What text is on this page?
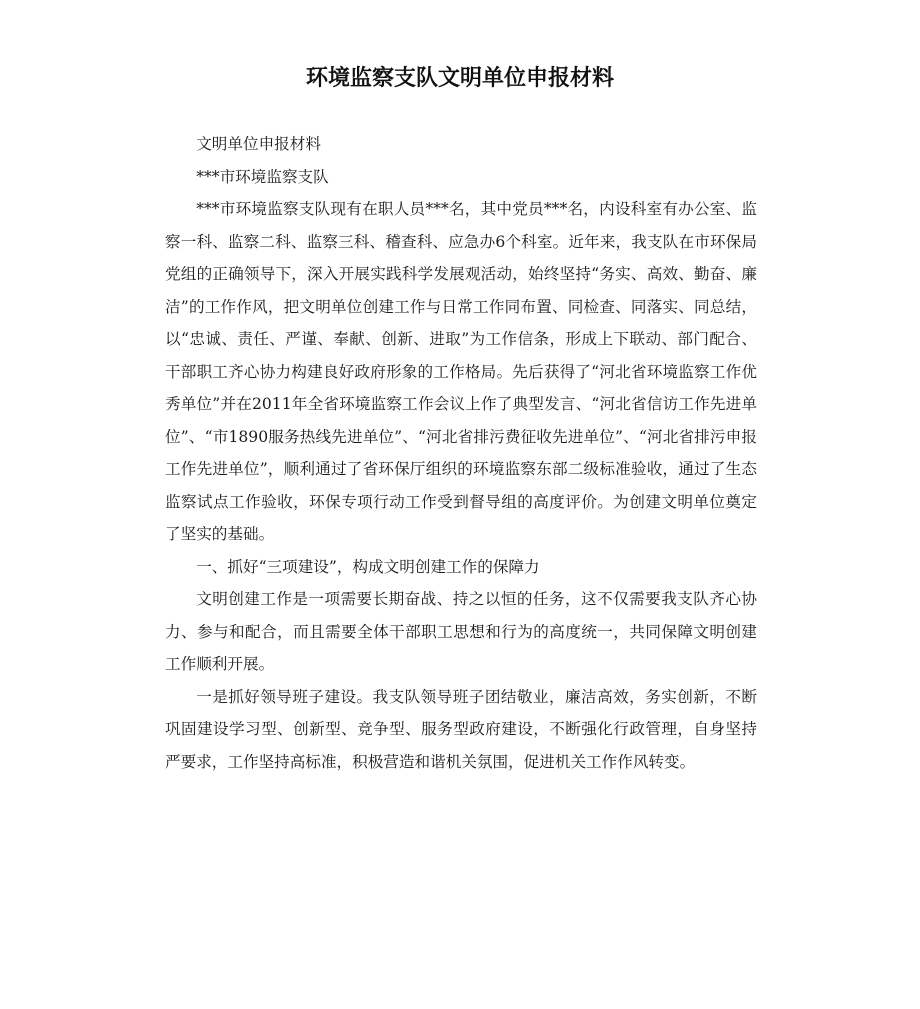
环境监察支队文明单位申报材料

文明单位申报材料

***市环境监察支队

***市环境监察支队现有在职人员***名，其中党员***名，内设科室有办公室、监察一科、监察二科、监察三科、稽查科、应急办6个科室。近年来，我支队在市环保局党组的正确领导下，深入开展实践科学发展观活动，始终坚持“务实、高效、勤奋、廉洁”的工作作风，把文明单位创建工作与日常工作同布置、同检查、同落实、同总结，以“忠诚、责任、严谨、奉献、创新、进取”为工作信条，形成上下联动、部门配合、干部职工齐心协力构建良好政府形象的工作格局。先后获得了“河北省环境监察工作优秀单位”并在2011年全省环境监察工作会议上作了典型发言、“河北省信访工作先进单位”、“市1890服务热线先进单位”、“河北省排污费征收先进单位”、“河北省排污申报工作先进单位”，顺利通过了省环保厅组织的环境监察东部二级标准验收，通过了生态监察试点工作验收，环保专项行动工作受到督导组的高度评价。为创建文明单位奠定了坚实的基础。

一、抓好“三项建设”，构成文明创建工作的保障力

文明创建工作是一项需要长期奋战、持之以恒的任务，这不仅需要我支队齐心协力、参与和配合，而且需要全体干部职工思想和行为的高度统一，共同保障文明创建工作顺利开展。

一是抓好领导班子建设。我支队领导班子团结敬业，廉洁高效，务实创新，不断巩固建设学习型、创新型、竞争型、服务型政府建设，不断强化行政管理，自身坚持严要求，工作坚持高标准，积极营造和谐机关氛围，促进机关工作作风转变。
